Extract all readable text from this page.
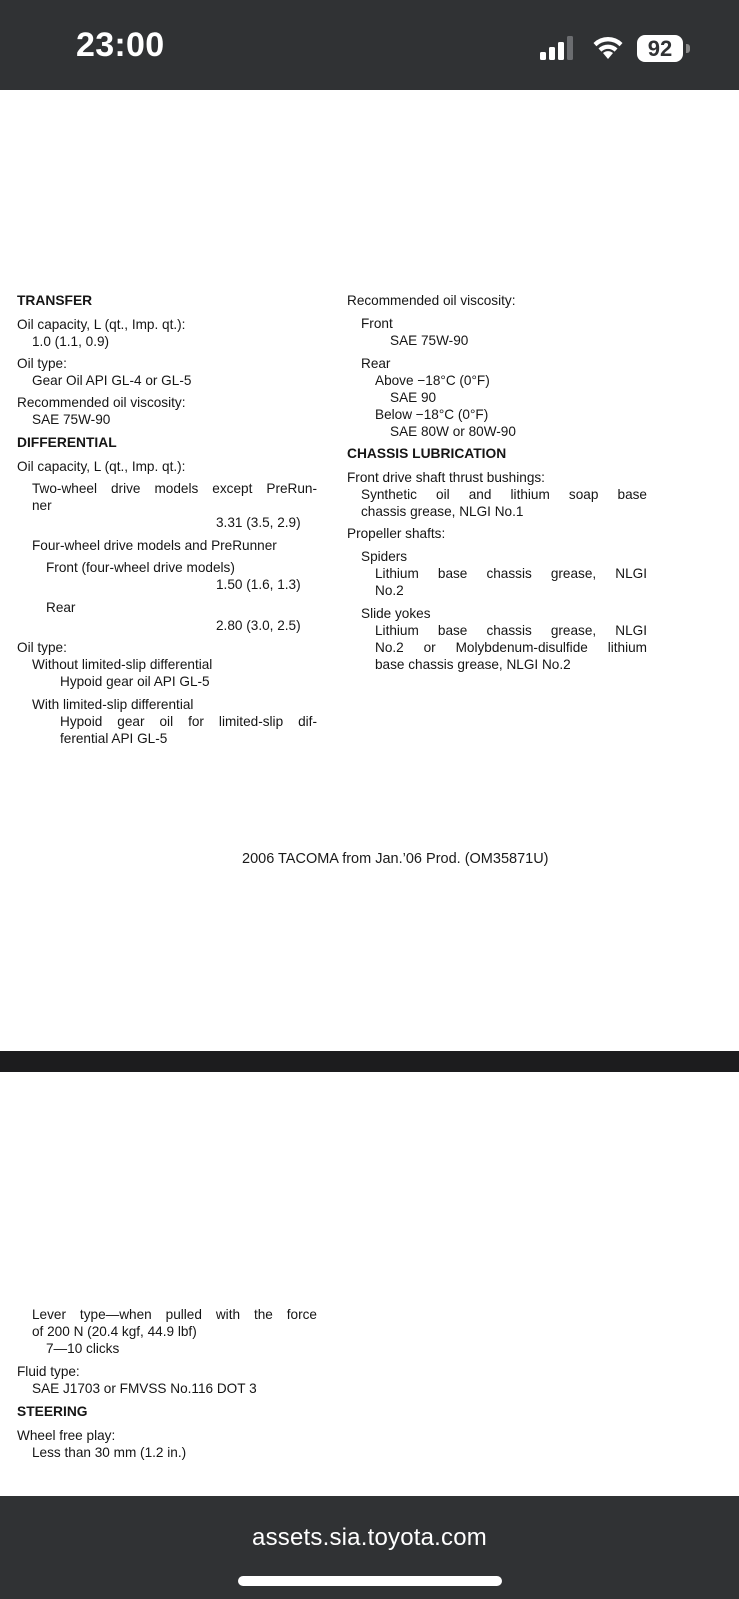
23:00	92
TRANSFER
Oil capacity, L (qt., Imp. qt.):
1.0 (1.1, 0.9)
Oil type:
Gear Oil API GL-4 or GL-5
Recommended oil viscosity:
SAE 75W-90
DIFFERENTIAL
Oil capacity, L (qt., Imp. qt.):
Two-wheel drive models except PreRun-
ner
3.31 (3.5, 2.9)
Four-wheel drive models and PreRunner
Front (four-wheel drive models)
1.50 (1.6, 1.3)
Rear
2.80 (3.0, 2.5)
Oil type:
Without limited-slip differential
Hypoid gear oil API GL-5
With limited-slip differential
Hypoid gear oil for limited-slip dif-
ferential API GL-5
Recommended oil viscosity:
Front
SAE 75W-90
Rear
Above −18°C (0°F)
SAE 90
Below −18°C (0°F)
SAE 80W or 80W-90
CHASSIS LUBRICATION
Front drive shaft thrust bushings:
Synthetic oil and lithium soap base
chassis grease, NLGI No.1
Propeller shafts:
Spiders
Lithium base chassis grease, NLGI
No.2
Slide yokes
Lithium base chassis grease, NLGI
No.2 or Molybdenum-disulfide lithium
base chassis grease, NLGI No.2
2006 TACOMA from Jan.’06 Prod. (OM35871U)
Lever type—when pulled with the force
of 200 N (20.4 kgf, 44.9 lbf)
7—10 clicks
Fluid type:
SAE J1703 or FMVSS No.116 DOT 3
STEERING
Wheel free play:
Less than 30 mm (1.2 in.)
assets.sia.toyota.com
